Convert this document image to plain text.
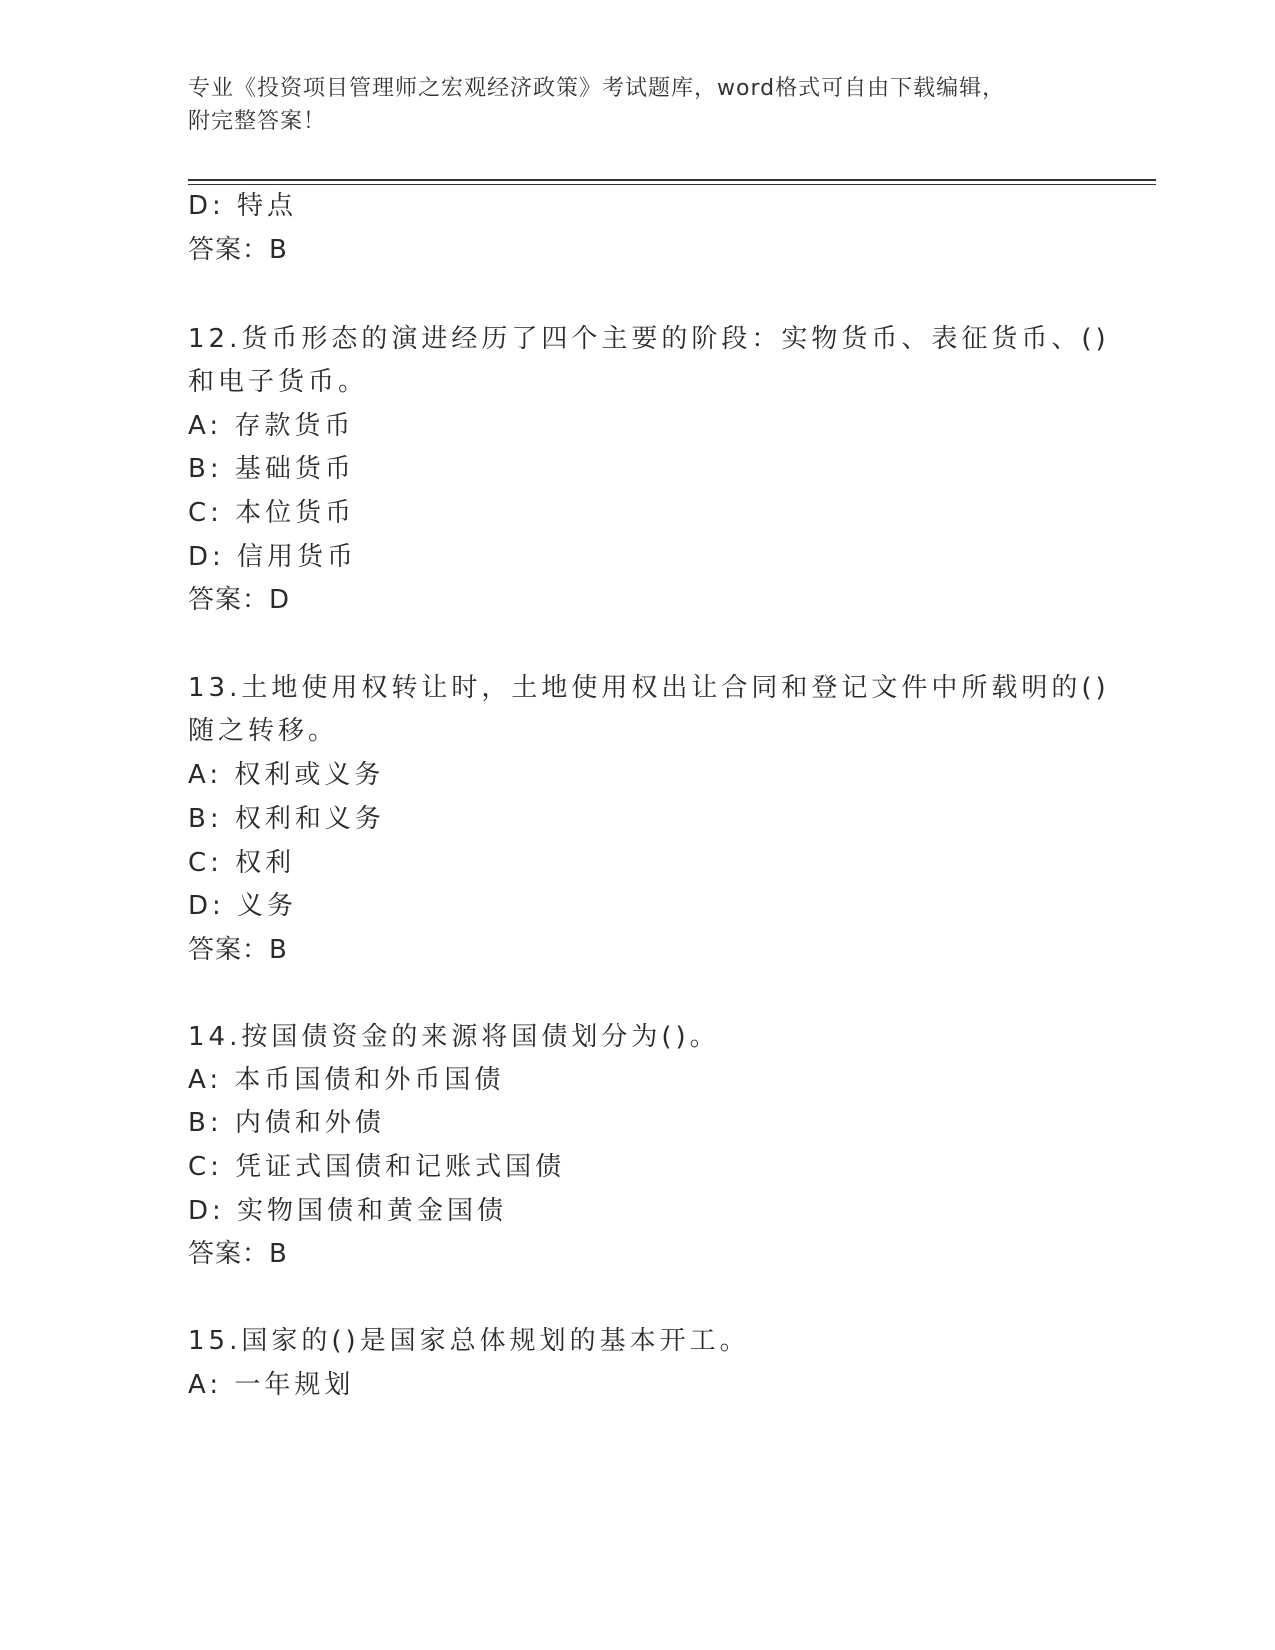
专业《投资项目管理师之宏观经济政策》考试题库，word格式可自由下载编辑，
附完整答案！
D: 特点
答案：B
12.货币形态的演进经历了四个主要的阶段：实物货币、表征货币、()
和电子货币。
A: 存款货币
B: 基础货币
C: 本位货币
D: 信用货币
答案：D
13.土地使用权转让时，土地使用权出让合同和登记文件中所载明的()
随之转移。
A: 权利或义务
B: 权利和义务
C: 权利
D: 义务
答案：B
14.按国债资金的来源将国债划分为()。
A: 本币国债和外币国债
B: 内债和外债
C: 凭证式国债和记账式国债
D: 实物国债和黄金国债
答案：B
15.国家的()是国家总体规划的基本开工。
A: 一年规划
